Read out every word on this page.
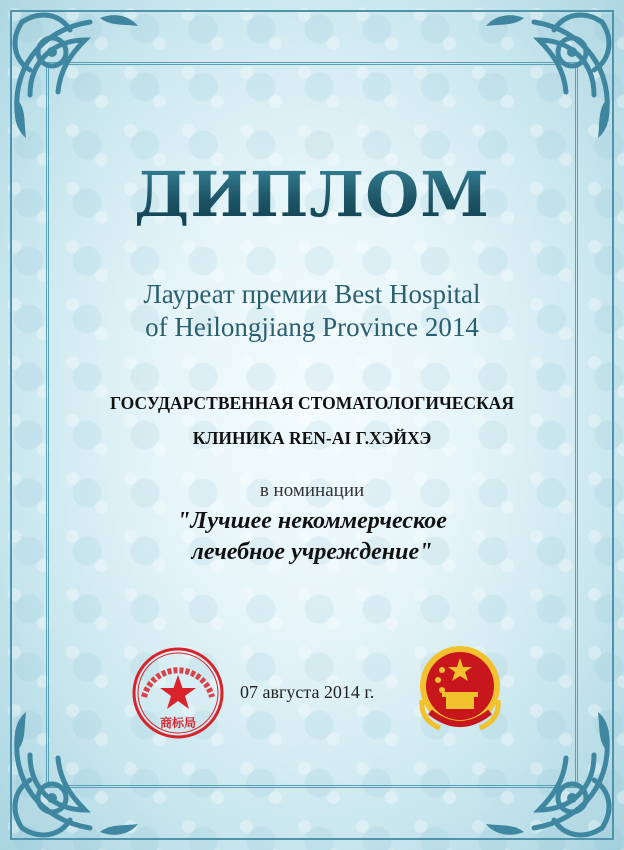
ДИПЛОМ
Лауреат премии Best Hospital
of Heilongjiang Province 2014
ГОСУДАРСТВЕННАЯ СТОМАТОЛОГИЧЕСКАЯ
КЛИНИКА REN-AI Г.ХЭЙХЭ
в номинации
"Лучшее некоммерческое
лечебное учреждение"
商标局
07 августа 2014 г.
